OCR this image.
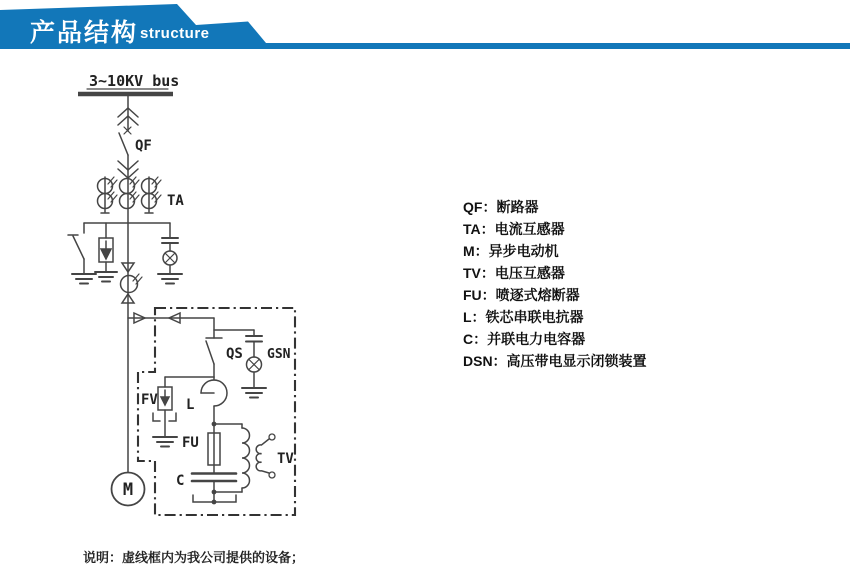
产品结构 structure
3~10KV bus
QF
TA
QS GSN
FV L
FU
C
TV
M
QF：断路器
TA：电流互感器
M：异步电动机
TV：电压互感器
FU：喷逐式熔断器
L：铁芯串联电抗器
C：并联电力电容器
DSN：高压带电显示闭锁装置
说明：虚线框内为我公司提供的设备；
